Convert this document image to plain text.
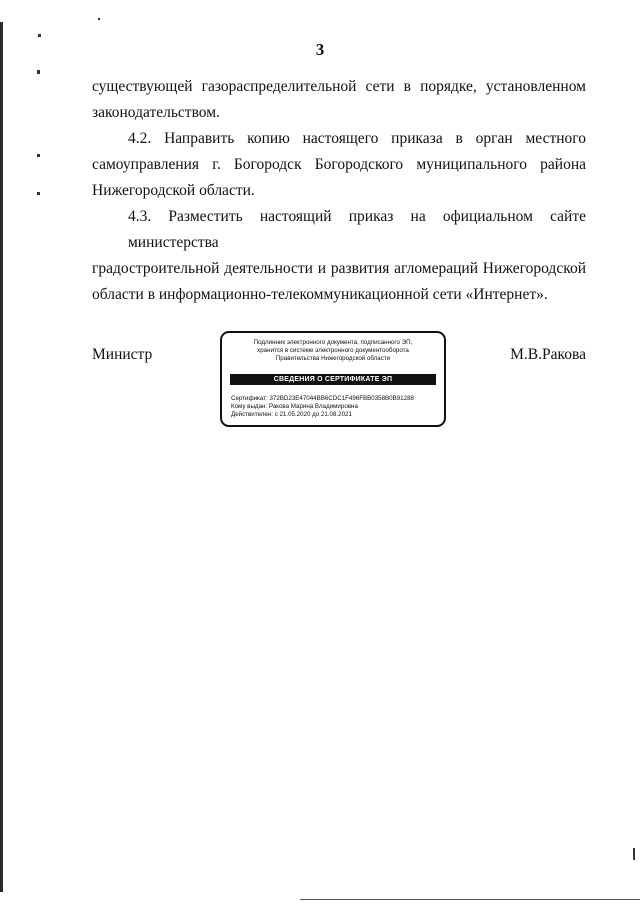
3

существующей газораспределительной сети в порядке, установленном
законодательством.

4.2. Направить копию настоящего приказа в орган местного
самоуправления г. Богородск Богородского муниципального района
Нижегородской области.

4.3. Разместить настоящий приказ на официальном сайте министерства
градостроительной деятельности и развития агломераций Нижегородской
области в информационно-телекоммуникационной сети «Интернет».

Министр	М.В.Ракова
Подлинник электронного документа, подписанного ЭП,
хранится в системе электронного документооборота
Правительства Нижегородской области
СВЕДЕНИЯ О СЕРТИФИКАТЕ ЭП
Сертификат: 372BD23E47044BB6CDC1F496FBB0358B0B91288
Кому выдан: Ракова Марина Владимировна
Действителен: с 21.05.2020 до 21.08.2021
